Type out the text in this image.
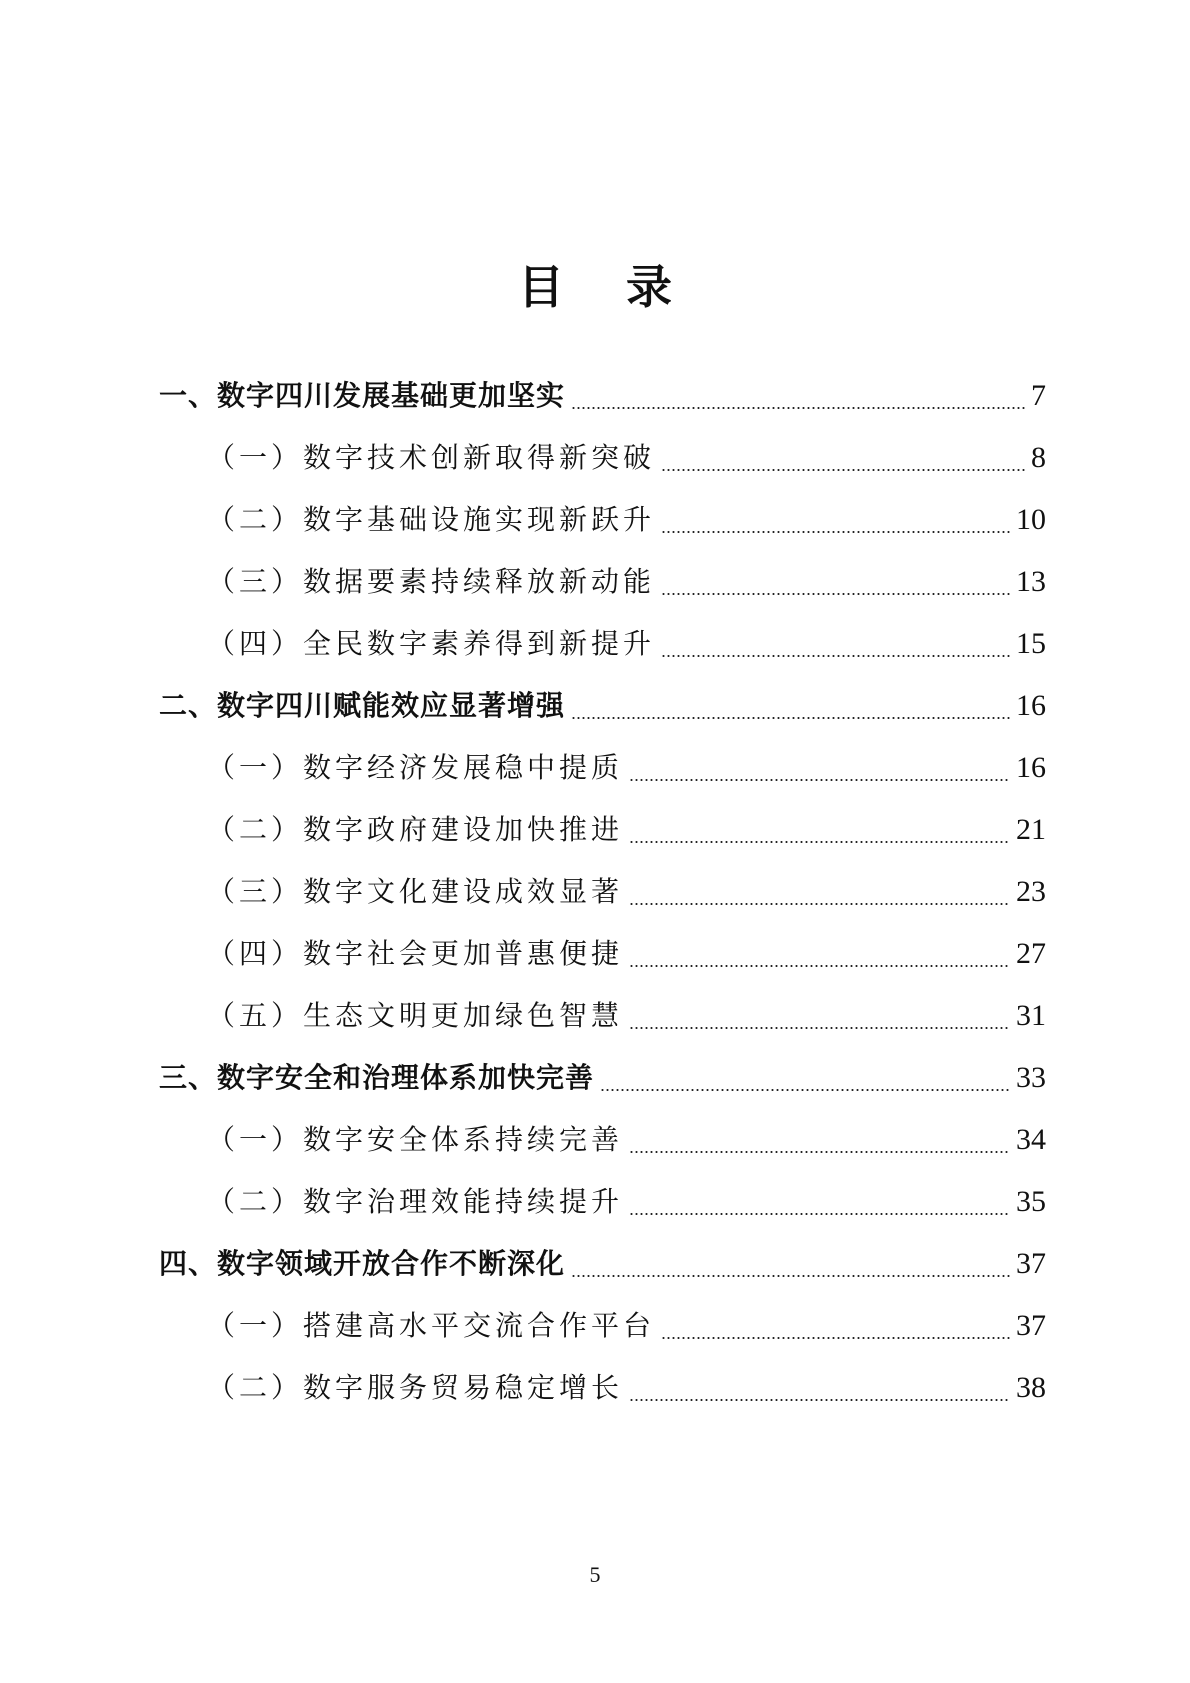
目 录
一、数字四川发展基础更加坚实	7
（一）数字技术创新取得新突破	8
（二）数字基础设施实现新跃升	10
（三）数据要素持续释放新动能	13
（四）全民数字素养得到新提升	15
二、数字四川赋能效应显著增强	16
（一）数字经济发展稳中提质	16
（二）数字政府建设加快推进	21
（三）数字文化建设成效显著	23
（四）数字社会更加普惠便捷	27
（五）生态文明更加绿色智慧	31
三、数字安全和治理体系加快完善	33
（一）数字安全体系持续完善	34
（二）数字治理效能持续提升	35
四、数字领域开放合作不断深化	37
（一）搭建高水平交流合作平台	37
（二）数字服务贸易稳定增长	38
5
